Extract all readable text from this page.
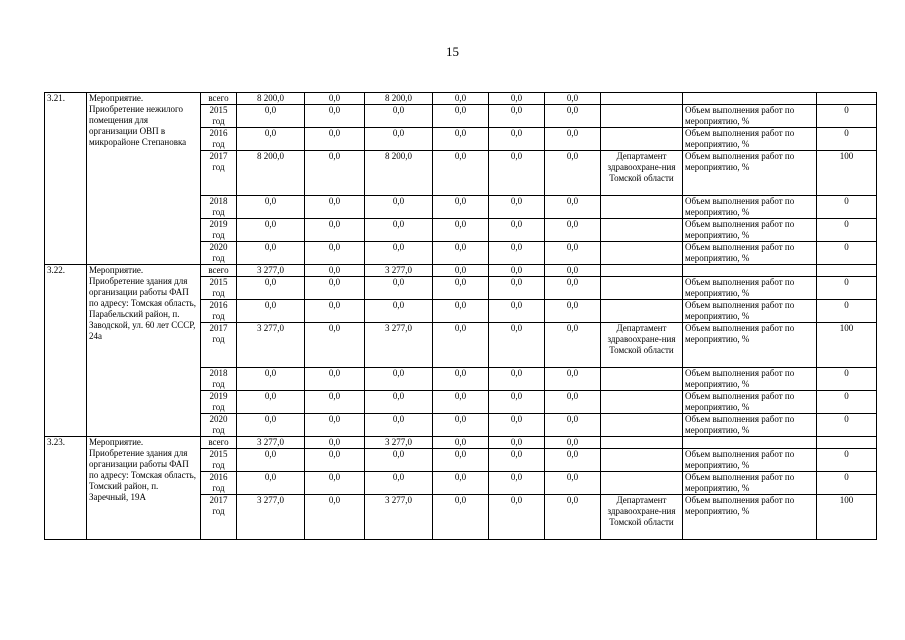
15
3.21.	Мероприятие. Приобретение нежилого помещения для организации ОВП в микрорайоне Степановка	всего	8 200,0	0,0	8 200,0	0,0	0,0	0,0			
		2015 год	0,0	0,0	0,0	0,0	0,0	0,0		Объем выполнения работ по мероприятию, %	0
		2016 год	0,0	0,0	0,0	0,0	0,0	0,0		Объем выполнения работ по мероприятию, %	0
		2017 год	8 200,0	0,0	8 200,0	0,0	0,0	0,0	Департамент здравоохране-ния Томской области	Объем выполнения работ по мероприятию, %	100
		2018 год	0,0	0,0	0,0	0,0	0,0	0,0		Объем выполнения работ по мероприятию, %	0
		2019 год	0,0	0,0	0,0	0,0	0,0	0,0		Объем выполнения работ по мероприятию, %	0
		2020 год	0,0	0,0	0,0	0,0	0,0	0,0		Объем выполнения работ по мероприятию, %	0
3.22.	Мероприятие. Приобретение здания для организации работы ФАП по адресу: Томская область, Парабельский район, п. Заводской, ул. 60 лет СССР, 24а	всего	3 277,0	0,0	3 277,0	0,0	0,0	0,0			
		2015 год	0,0	0,0	0,0	0,0	0,0	0,0		Объем выполнения работ по мероприятию, %	0
		2016 год	0,0	0,0	0,0	0,0	0,0	0,0		Объем выполнения работ по мероприятию, %	0
		2017 год	3 277,0	0,0	3 277,0	0,0	0,0	0,0	Департамент здравоохране-ния Томской области	Объем выполнения работ по мероприятию, %	100
		2018 год	0,0	0,0	0,0	0,0	0,0	0,0		Объем выполнения работ по мероприятию, %	0
		2019 год	0,0	0,0	0,0	0,0	0,0	0,0		Объем выполнения работ по мероприятию, %	0
		2020 год	0,0	0,0	0,0	0,0	0,0	0,0		Объем выполнения работ по мероприятию, %	0
3.23.	Мероприятие. Приобретение здания для организации работы ФАП по адресу: Томская область, Томский район, п. Заречный, 19А	всего	3 277,0	0,0	3 277,0	0,0	0,0	0,0			
		2015 год	0,0	0,0	0,0	0,0	0,0	0,0		Объем выполнения работ по мероприятию, %	0
		2016 год	0,0	0,0	0,0	0,0	0,0	0,0		Объем выполнения работ по мероприятию, %	0
		2017 год	3 277,0	0,0	3 277,0	0,0	0,0	0,0	Департамент здравоохране-ния Томской области	Объем выполнения работ по мероприятию, %	100
